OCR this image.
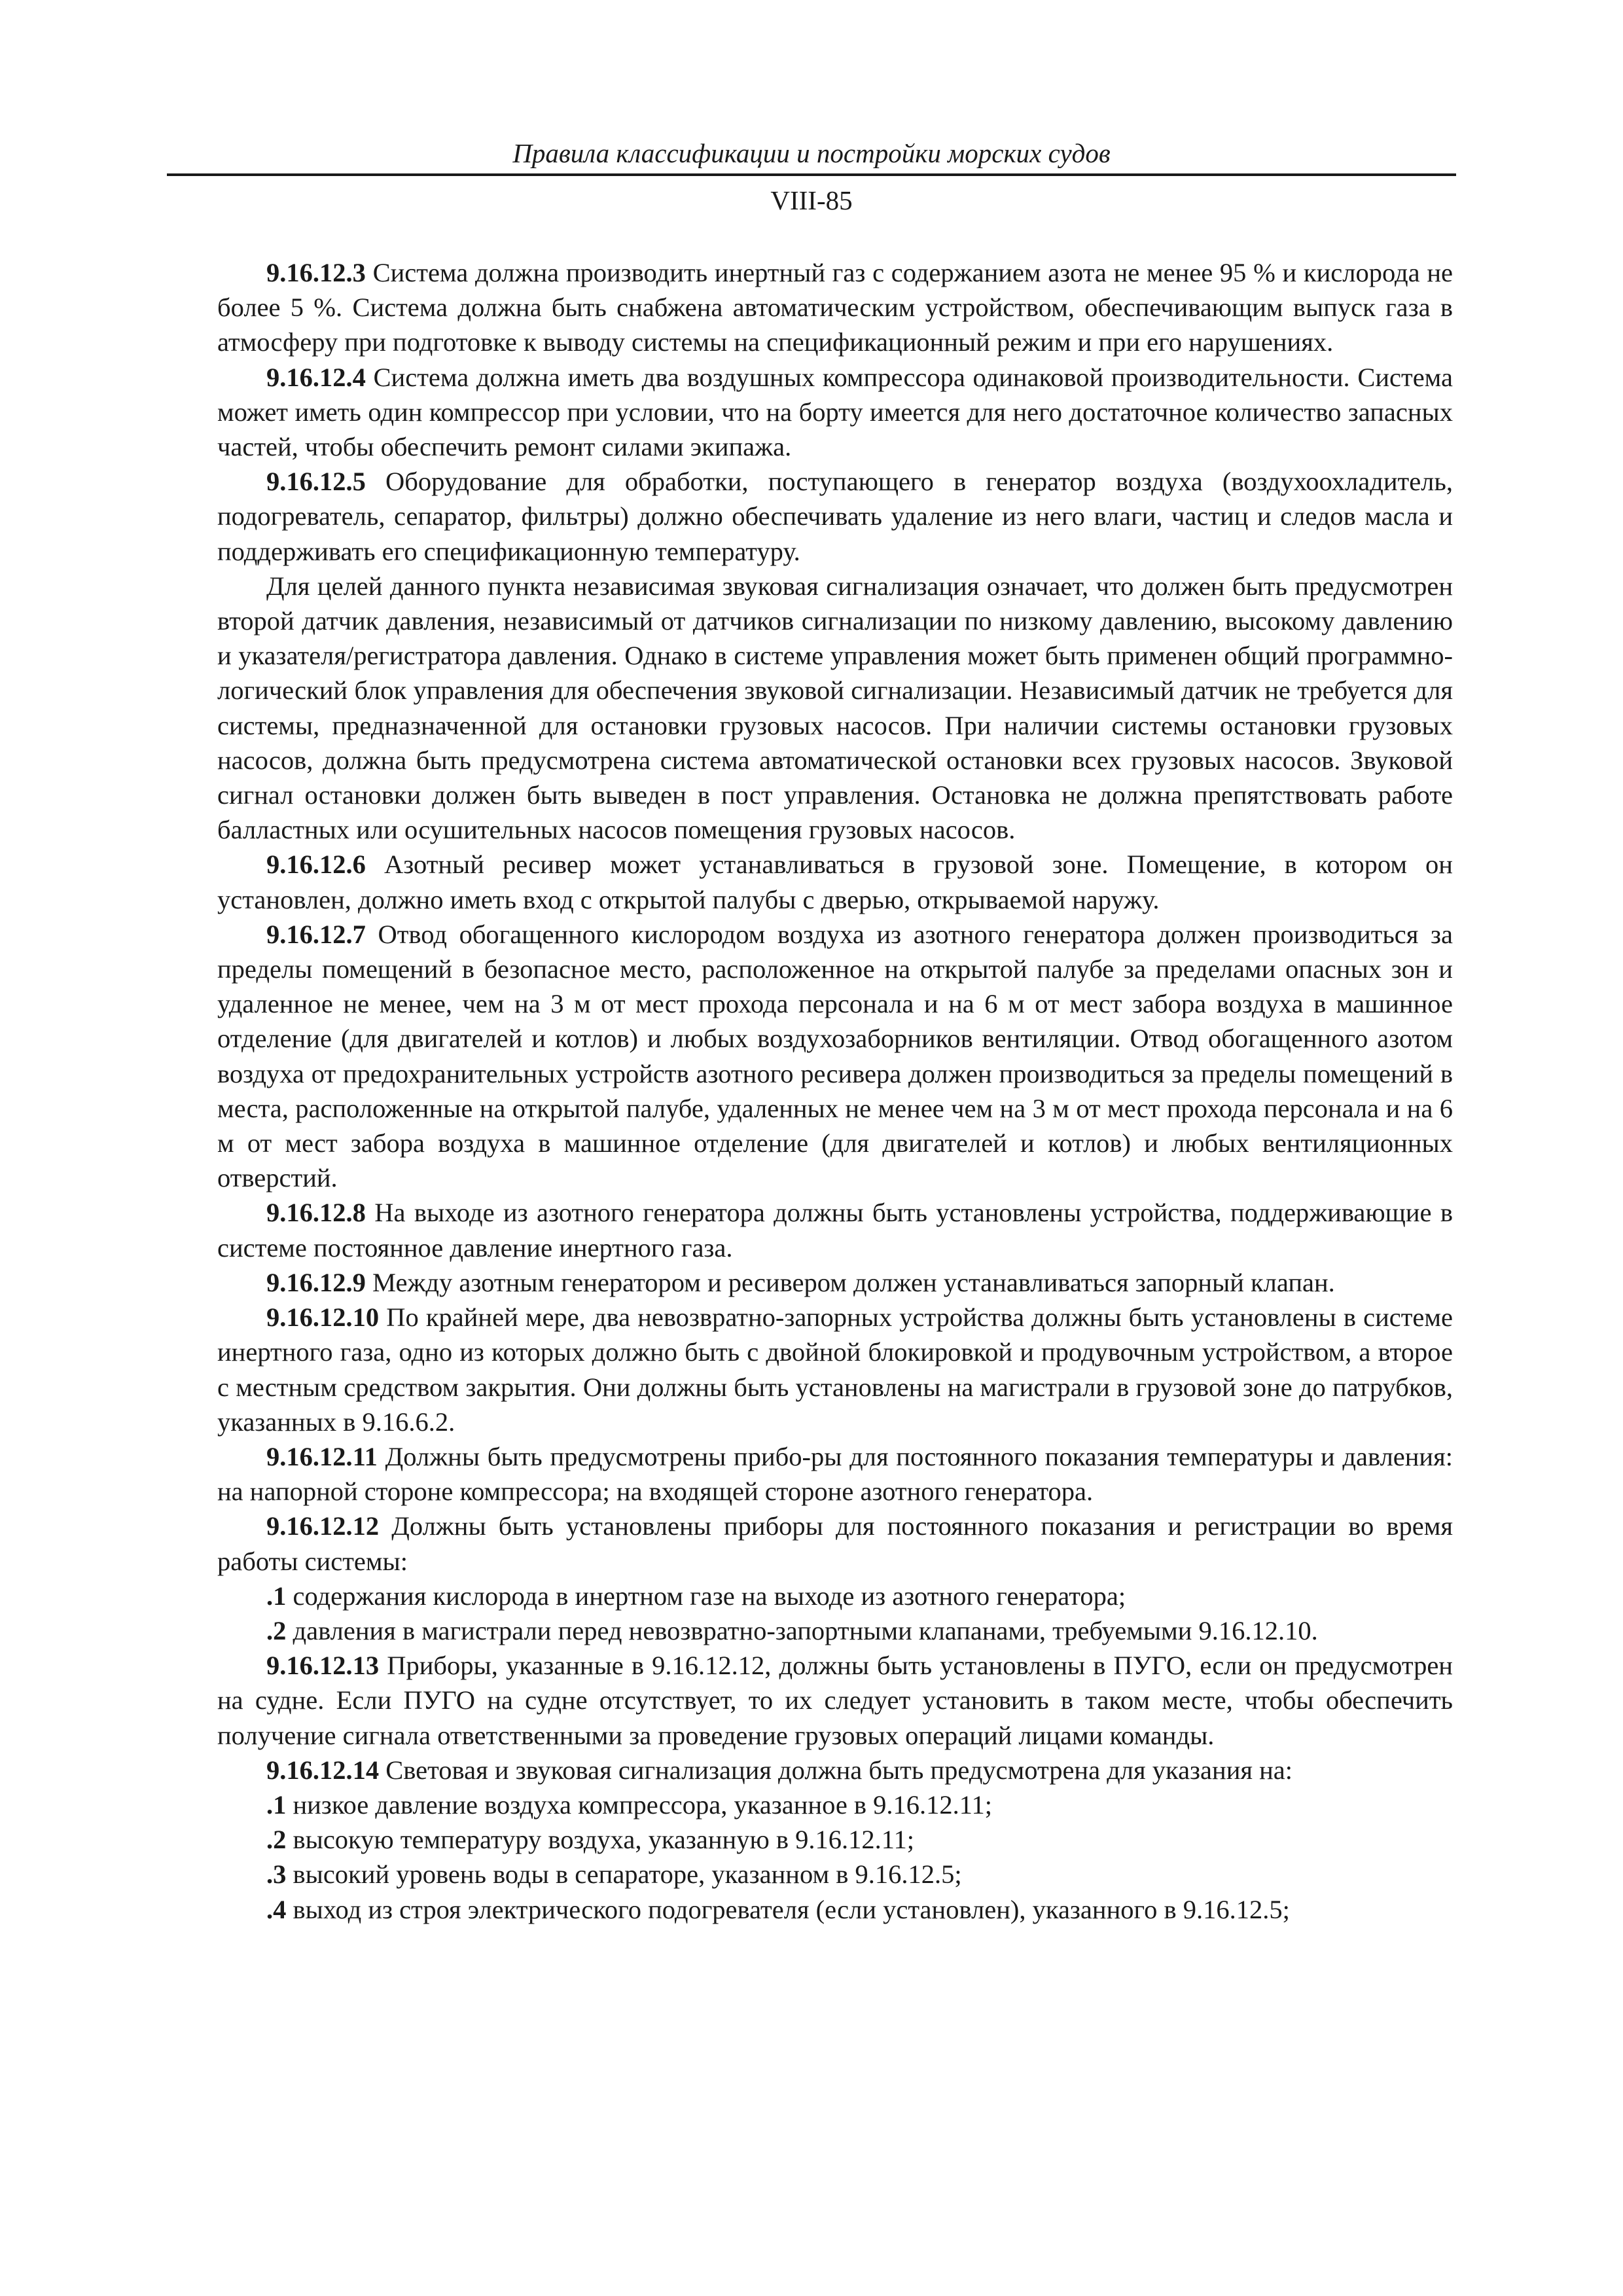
Правила классификации и постройки морских судов
VIII-85

9.16.12.3 Система должна производить инертный газ с содержанием азота не менее 95 % и кислорода не более 5 %. Система должна быть снабжена автоматическим устройством, обеспечивающим выпуск газа в атмосферу при подготовке к выводу системы на спецификационный режим и при его нарушениях.

9.16.12.4 Система должна иметь два воздушных компрессора одинаковой производительности. Система может иметь один компрессор при условии, что на борту имеется для него достаточное количество запасных частей, чтобы обеспечить ремонт силами экипажа.

9.16.12.5 Оборудование для обработки, поступающего в генератор воздуха (воздухоохладитель, подогреватель, сепаратор, фильтры) должно обеспечивать удаление из него влаги, частиц и следов масла и поддерживать его спецификационную температуру.

Для целей данного пункта независимая звуковая сигнализация означает, что должен быть предусмотрен второй датчик давления, независимый от датчиков сигнализации по низкому давлению, высокому давлению и указателя/регистратора давления. Однако в системе управления может быть применен общий программно-логический блок управления для обеспечения звуковой сигнализации. Независимый датчик не требуется для системы, предназначенной для остановки грузовых насосов. При наличии системы остановки грузовых насосов, должна быть предусмотрена система автоматической остановки всех грузовых насосов. Звуковой сигнал остановки должен быть выведен в пост управления. Остановка не должна препятствовать работе балластных или осушительных насосов помещения грузовых насосов.

9.16.12.6 Азотный ресивер может устанавливаться в грузовой зоне. Помещение, в котором он установлен, должно иметь вход с открытой палубы с дверью, открываемой наружу.

9.16.12.7 Отвод обогащенного кислородом воздуха из азотного генератора должен производиться за пределы помещений в безопасное место, расположенное на открытой палубе за пределами опасных зон и удаленное не менее, чем на 3 м от мест прохода персонала и на 6 м от мест забора воздуха в машинное отделение (для двигателей и котлов) и любых воздухозаборников вентиляции. Отвод обогащенного азотом воздуха от предохранительных устройств азотного ресивера должен производиться за пределы помещений в места, расположенные на открытой палубе, удаленных не менее чем на 3 м от мест прохода персонала и на 6 м от мест забора воздуха в машинное отделение (для двигателей и котлов) и любых вентиляционных отверстий.

9.16.12.8 На выходе из азотного генератора должны быть установлены устройства, поддерживающие в системе постоянное давление инертного газа.

9.16.12.9 Между азотным генератором и ресивером должен устанавливаться запорный клапан.

9.16.12.10 По крайней мере, два невозвратно-запорных устройства должны быть установлены в системе инертного газа, одно из которых должно быть с двойной блокировкой и продувочным устройством, а второе с местным средством закрытия. Они должны быть установлены на магистрали в грузовой зоне до патрубков, указанных в 9.16.6.2.

9.16.12.11 Должны быть предусмотрены прибо-ры для постоянного показания температуры и давления: на напорной стороне компрессора; на входящей стороне азотного генератора.

9.16.12.12 Должны быть установлены приборы для постоянного показания и регистрации во время работы системы:

.1 содержания кислорода в инертном газе на выходе из азотного генератора;

.2 давления в магистрали перед невозвратно-запортными клапанами, требуемыми 9.16.12.10.

9.16.12.13 Приборы, указанные в 9.16.12.12, должны быть установлены в ПУГО, если он предусмотрен на судне. Если ПУГО на судне отсутствует, то их следует установить в таком месте, чтобы обеспечить получение сигнала ответственными за проведение грузовых операций лицами команды.

9.16.12.14 Световая и звуковая сигнализация должна быть предусмотрена для указания на:

.1 низкое давление воздуха компрессора, указанное в 9.16.12.11;

.2 высокую температуру воздуха, указанную в 9.16.12.11;

.3 высокий уровень воды в сепараторе, указанном в 9.16.12.5;

.4 выход из строя электрического подогревателя (если установлен), указанного в 9.16.12.5;
